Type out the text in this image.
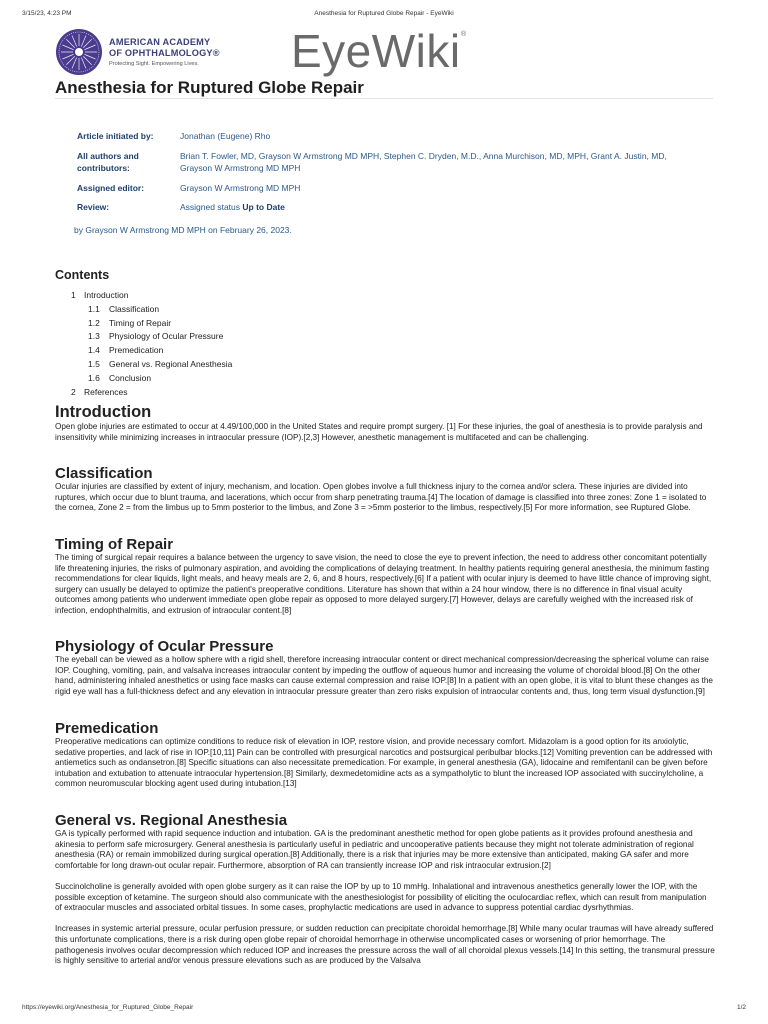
3/15/23, 4:23 PM	Anesthesia for Ruptured Globe Repair - EyeWiki
AMERICAN ACADEMY
OF OPHTHALMOLOGY®
Protecting Sight. Empowering Lives.	EyeWiki ®
Anesthesia for Ruptured Globe Repair
Article initiated by:	Jonathan (Eugene) Rho
All authors and contributors:
Brian T. Fowler, MD, Grayson W Armstrong MD MPH, Stephen C. Dryden, M.D., Anna Murchison, MD, MPH, Grant A. Justin, MD, Grayson W Armstrong MD MPH
Assigned editor:	Grayson W Armstrong MD MPH
Review:	Assigned status Up to Date
by Grayson W Armstrong MD MPH on February 26, 2023.
Contents
1 Introduction
1.1 Classification
1.2 Timing of Repair
1.3 Physiology of Ocular Pressure
1.4 Premedication
1.5 General vs. Regional Anesthesia
1.6 Conclusion
2 References
Introduction

Open globe injuries are estimated to occur at 4.49/100,000 in the United States and require prompt surgery. [1] For these injuries, the goal of anesthesia is to provide paralysis and insensitivity while minimizing increases in intraocular pressure (IOP).[2,3] However, anesthetic management is multifaceted and can be challenging.

Classification

Ocular injuries are classified by extent of injury, mechanism, and location. Open globes involve a full thickness injury to the cornea and/or sclera. These injuries are divided into ruptures, which occur due to blunt trauma, and lacerations, which occur from sharp penetrating trauma.[4] The location of damage is classified into three zones: Zone 1 = isolated to the cornea, Zone 2 = from the limbus up to 5mm posterior to the limbus, and Zone 3 = >5mm posterior to the limbus, respectively.[5] For more information, see Ruptured Globe.

Timing of Repair

The timing of surgical repair requires a balance between the urgency to save vision, the need to close the eye to prevent infection, the need to address other concomitant potentially life threatening injuries, the risks of pulmonary aspiration, and avoiding the complications of delaying treatment. In healthy patients requiring general anesthesia, the minimum fasting recommendations for clear liquids, light meals, and heavy meals are 2, 6, and 8 hours, respectively.[6] If a patient with ocular injury is deemed to have little chance of improving sight, surgery can usually be delayed to optimize the patient's preoperative conditions. Literature has shown that within a 24 hour window, there is no difference in final visual acuity outcomes among patients who underwent immediate open globe repair as opposed to more delayed surgery.[7] However, delays are carefully weighed with the increased risk of infection, endophthalmitis, and extrusion of intraocular content.[8]

Physiology of Ocular Pressure

The eyeball can be viewed as a hollow sphere with a rigid shell, therefore increasing intraocular content or direct mechanical compression/decreasing the spherical volume can raise IOP. Coughing, vomiting, pain, and valsalva increases intraocular content by impeding the outflow of aqueous humor and increasing the volume of choroidal blood.[8] On the other hand, administering inhaled anesthetics or using face masks can cause external compression and raise IOP.[8] In a patient with an open globe, it is vital to blunt these changes as the rigid eye wall has a full-thickness defect and any elevation in intraocular pressure greater than zero risks expulsion of intraocular contents and, thus, long term visual dysfunction.[9]

Premedication

Preoperative medications can optimize conditions to reduce risk of elevation in IOP, restore vision, and provide necessary comfort. Midazolam is a good option for its anxiolytic, sedative properties, and lack of rise in IOP.[10,11] Pain can be controlled with presurgical narcotics and postsurgical peribulbar blocks.[12] Vomiting prevention can be addressed with antiemetics such as ondansetron.[8] Specific situations can also necessitate premedication. For example, in general anesthesia (GA), lidocaine and remifentanil can be given before intubation and extubation to attenuate intraocular hypertension.[8] Similarly, dexmedetomidine acts as a sympatholytic to blunt the increased IOP associated with succinylcholine, a common neuromuscular blocking agent used during intubation.[13]

General vs. Regional Anesthesia

GA is typically performed with rapid sequence induction and intubation. GA is the predominant anesthetic method for open globe patients as it provides profound anesthesia and akinesia to perform safe microsurgery. General anesthesia is particularly useful in pediatric and uncooperative patients because they might not tolerate administration of regional anesthesia (RA) or remain immobilized during surgical operation.[8] Additionally, there is a risk that injuries may be more extensive than anticipated, making GA safer and more comfortable for long drawn-out ocular repair. Furthermore, absorption of RA can transiently increase IOP and risk intraocular extrusion.[2]

Succinolcholine is generally avoided with open globe surgery as it can raise the IOP by up to 10 mmHg. Inhalational and intravenous anesthetics generally lower the IOP, with the possible exception of ketamine. The surgeon should also communicate with the anesthesiologist for possibility of eliciting the oculocardiac reflex, which can result from manipulation of extraocular muscles and associated orbital tissues. In some cases, prophylactic medications are used in advance to suppress potential cardiac dysrhythmias.

Increases in systemic arterial pressure, ocular perfusion pressure, or sudden reduction can precipitate choroidal hemorrhage.[8] While many ocular traumas will have already suffered this unfortunate complications, there is a risk during open globe repair of choroidal hemorrhage in otherwise uncomplicated cases or worsening of prior hemorrhage. The pathogenesis involves ocular decompression which reduced IOP and increases the pressure across the wall of all choroidal plexus vessels.[14] In this setting, the transmural pressure is highly sensitive to arterial and/or venous pressure elevations such as are produced by the Valsalva

https://eyewiki.org/Anesthesia_for_Ruptured_Globe_Repair	1/2
